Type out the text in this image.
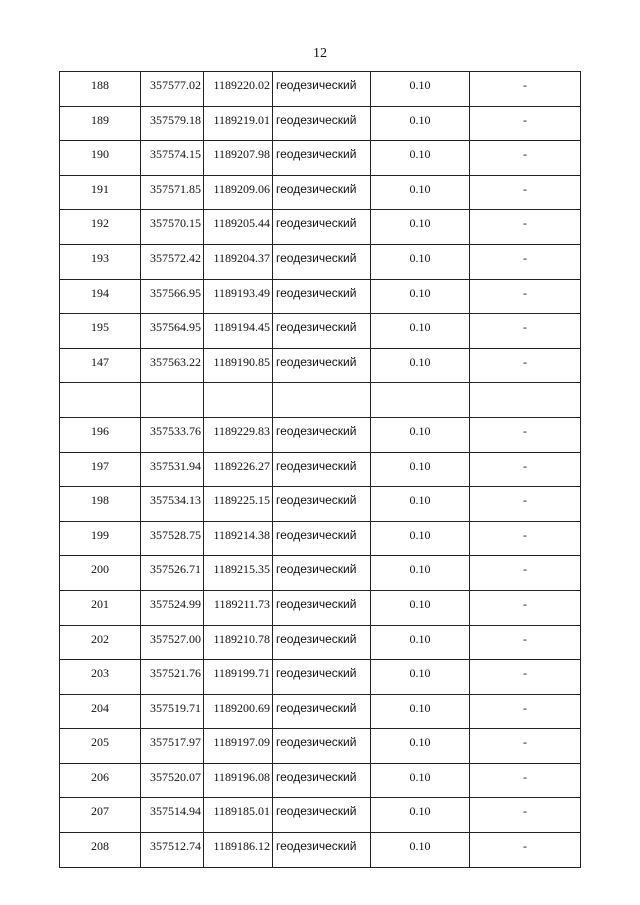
12
188	357577.02	1189220.02	геодезический	0.10	-

189	357579.18	1189219.01	геодезический	0.10	-

190	357574.15	1189207.98	геодезический	0.10	-

191	357571.85	1189209.06	геодезический	0.10	-

192	357570.15	1189205.44	геодезический	0.10	-

193	357572.42	1189204.37	геодезический	0.10	-

194	357566.95	1189193.49	геодезический	0.10	-

195	357564.95	1189194.45	геодезический	0.10	-

147	357563.22	1189190.85	геодезический	0.10	-

196	357533.76	1189229.83	геодезический	0.10	-

197	357531.94	1189226.27	геодезический	0.10	-

198	357534.13	1189225.15	геодезический	0.10	-

199	357528.75	1189214.38	геодезический	0.10	-

200	357526.71	1189215.35	геодезический	0.10	-

201	357524.99	1189211.73	геодезический	0.10	-

202	357527.00	1189210.78	геодезический	0.10	-

203	357521.76	1189199.71	геодезический	0.10	-

204	357519.71	1189200.69	геодезический	0.10	-

205	357517.97	1189197.09	геодезический	0.10	-

206	357520.07	1189196.08	геодезический	0.10	-

207	357514.94	1189185.01	геодезический	0.10	-

208	357512.74	1189186.12	геодезический	0.10	-
